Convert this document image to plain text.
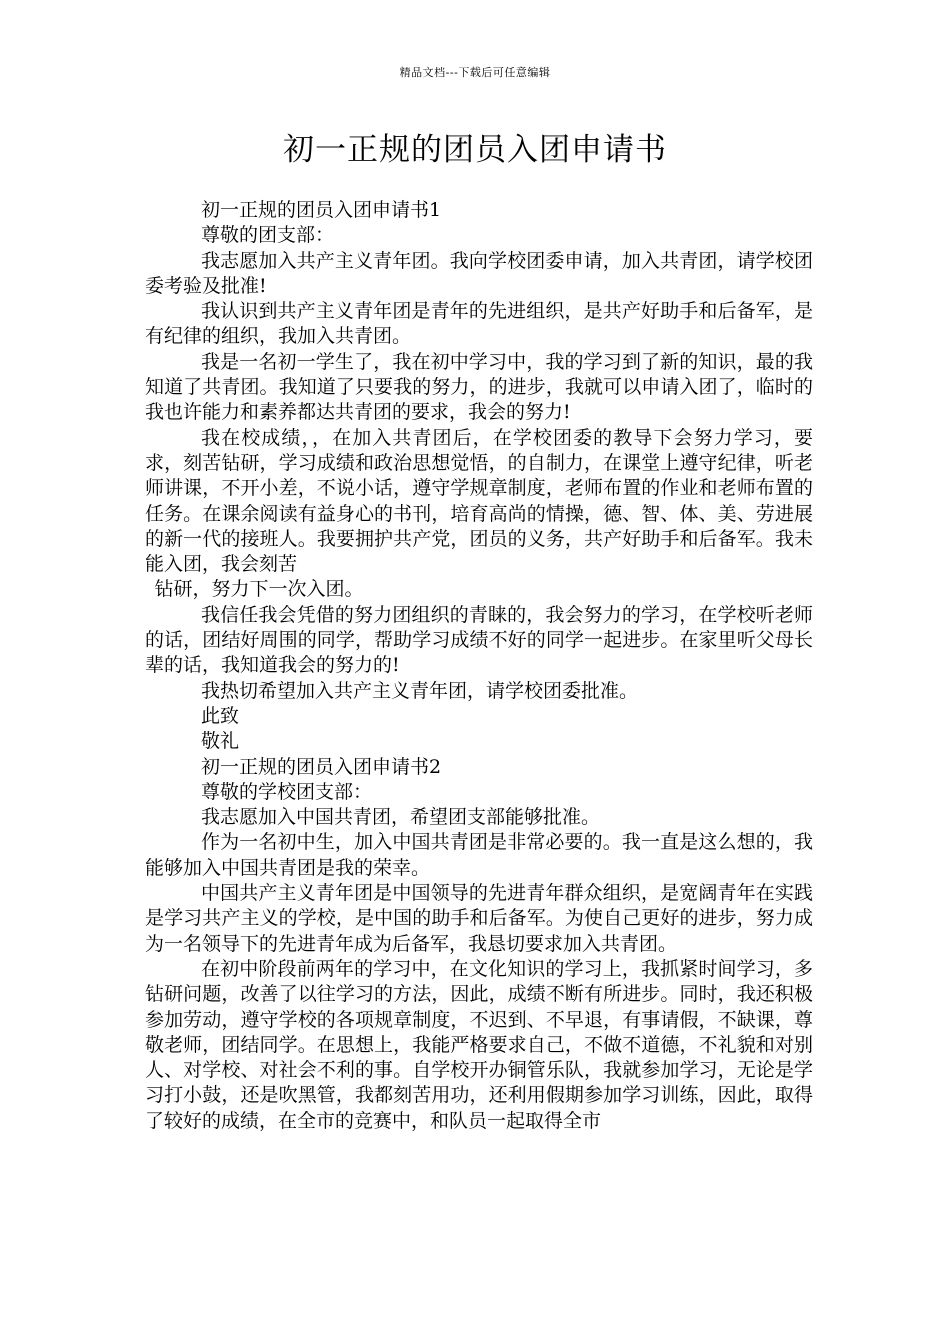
精品文档---下载后可任意编辑
初一正规的团员入团申请书

初一正规的团员入团申请书1

尊敬的团支部：

我志愿加入共产主义青年团。我向学校团委申请，加入共青团，请学校团委考验及批准!

我认识到共产主义青年团是青年的先进组织，是共产好助手和后备军，是有纪律的组织，我加入共青团。

我是一名初一学生了，我在初中学习中，我的学习到了新的知识，最的我知道了共青团。我知道了只要我的努力，的进步，我就可以申请入团了，临时的我也许能力和素养都达共青团的要求，我会的努力!

我在校成绩，，在加入共青团后，在学校团委的教导下会努力学习，要求，刻苦钻研，学习成绩和政治思想觉悟，的自制力，在课堂上遵守纪律，听老师讲课，不开小差，不说小话，遵守学规章制度，老师布置的作业和老师布置的任务。在课余阅读有益身心的书刊，培育高尚的情操，德、智、体、美、劳进展的新一代的接班人。我要拥护共产党，团员的义务，共产好助手和后备军。我未能入团，我会刻苦

钻研，努力下一次入团。

我信任我会凭借的努力团组织的青睐的，我会努力的学习，在学校听老师的话，团结好周围的同学，帮助学习成绩不好的同学一起进步。在家里听父母长辈的话，我知道我会的努力的!

我热切希望加入共产主义青年团，请学校团委批准。

此致

敬礼

初一正规的团员入团申请书2

尊敬的学校团支部：

我志愿加入中国共青团，希望团支部能够批准。

作为一名初中生，加入中国共青团是非常必要的。我一直是这么想的，我能够加入中国共青团是我的荣幸。

中国共产主义青年团是中国领导的先进青年群众组织，是宽阔青年在实践是学习共产主义的学校，是中国的助手和后备军。为使自己更好的进步，努力成为一名领导下的先进青年成为后备军，我恳切要求加入共青团。

在初中阶段前两年的学习中，在文化知识的学习上，我抓紧时间学习，多钻研问题，改善了以往学习的方法，因此，成绩不断有所进步。同时，我还积极参加劳动，遵守学校的各项规章制度，不迟到、不早退，有事请假，不缺课，尊敬老师，团结同学。在思想上，我能严格要求自己，不做不道德，不礼貌和对别人、对学校、对社会不利的事。自学校开办铜管乐队，我就参加学习，无论是学习打小鼓，还是吹黑管，我都刻苦用功，还利用假期参加学习训练，因此，取得了较好的成绩，在全市的竞赛中，和队员一起取得全市
